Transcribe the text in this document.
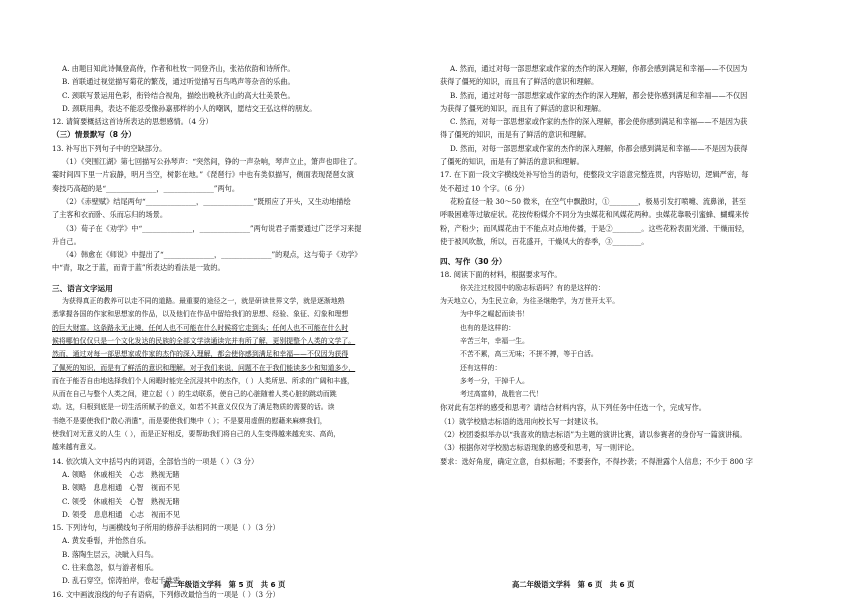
A. 由题目知此诗佩登高侍，作者和杜牧一同登齐山，张祜依韵和诗所作。
B. 首联通过视觉描写菊花的繁茂，通过听觉描写百鸟鸣声等杂音的乐曲。
C. 颈联写景运用色彩，衔铃结合视角，描绘出晚秋齐山的高大壮美景色。
D. 颈联用典，表达不能忍受像孙嘉那样的小人的嘲讽，愿结交王弘这样的朋友。
12. 请简要概括这首诗所表达的思想感情。（4 分）
（三）情景默写（8 分）
13. 补写出下列句子中的空缺部分。
（1）《突围江湖》第七回描写公孙琴声：“突然间，铮的一声杂响，琴声立止，箫声也即住了。
霎时间四下里一片寂静，明月当空，树影在地。”《琵琶行》中也有类似描写，侧面表现琵琶女演
奏技巧高超的是“______________，______________”两句。
（2）《赤壁赋》结尾两句“______________，______________”既照应了开头，又生动地描绘
了主客和衣而卧、乐而忘归的场景。
（3）荀子在《劝学》中“______________，______________”两句说君子需要通过广泛学习来提
升自己。
（4）韩愈在《师说》中提出了“______________，______________”的观点，这与荀子《劝学》
中“青，取之于蓝，而青于蓝”所表达的看法是一致的。
三、语言文字运用
为获得真正的教养可以走不同的道路。最重要的途径之一，就是研读世界文学，就是逐渐地熟
悉掌握各国的作家和思想家的作品，以及他们在作品中留给我们的思想、经验、象征、幻象和理想
的巨大财富。这条路永无止境，任何人也不可能在什么时候将它走到头；任何人也不可能在什么时
候将哪怕仅仅只是一个文化发达的民族的全部文学读通读完并有所了解，更别提整个人类的文学了。
然而，通过对每一部思想家或作家的杰作的深入理解，都会使你感到满足和幸福——不仅因为获得
了佩死的知识，而是有了鲜活的意识和理解。对于我们来说，问题不在于我们能读多少和知道多少，
而在于能否自由地选择我们个人闲暇时能完全沉浸其中的杰作，（ ）人类所思、所求的广阔和丰盛，
从而在自己与整个人类之间，建立起（ ）的生动联系，使自己的心脏随着人类心脏的跳动而跳
动。这，归根到底是一切生活所赋予的意义，如若不其意义仅仅为了满足物质的需要的话。读
书绝不是要使我们“散心消遣”，而是要使我们集中（ ）；不是要用虚假的慰藉来麻痹我们，
使我们对无意义的人生（ ），而是正好相反，要帮助我们将自己的人生变得越来越充实、高尚，
越来越有意义。
14. 依次填入文中括号内的词语，全部恰当的一项是（ ）（3 分）
A. 领略　休戚相关　心志　熟视无睹
B. 领略　息息相通　心智　视而不见
C. 领受　休戚相关　心智　熟视无睹
D. 领受　息息相通　心志　视而不见
15. 下列诗句，与画横线句子所用的修辞手法相同的一项是（ ）（3 分）
A. 黄发垂髫，并怡然自乐。
B. 落陶生层云，决眦入归鸟。
C. 往来翕忽，似与游者相乐。
D. 乱石穿空，惊涛拍岸，卷起千堆雪。
16. 文中画波浪线的句子有语病，下列修改最恰当的一项是（ ）（3 分）
A. 然而，通过对每一部思想家或作家的杰作的深入理解，你都会感到满足和幸福——不仅因为
获得了僵死的知识，而且有了鲜活的意识和理解。
B. 然而，通过对每一部思想家或作家的杰作的深入理解，都会使你感到满足和幸福——不仅因
为获得了僵死的知识，而且有了鲜活的意识和理解。
C. 然而，对每一部思想家或作家的杰作的深入理解，都会使你感到满足和幸福——不是因为获
得了僵死的知识，而是有了鲜活的意识和理解。
D. 然而，对每一部思想家或作家的杰作的深入理解，你都会感到满足和幸福——不是因为获得
了僵死的知识，而是有了鲜活的意识和理解。
17. 在下面一段文字横线处补写恰当的语句，使整段文字语意完整连贯，内容贴切，逻辑严密，每
处不超过 10 个字。（6 分）
花粉直径一般 30～50 微米，在空气中飘散时，①________，极易引发打喷嚏、流鼻涕，甚至
呼吸困难等过敏症状。花按传粉媒介不同分为虫媒花和风媒花两种。虫媒花靠吸引蜜蜂、蝴蝶来传
粉，产粉少；而风媒花由于不能点对点地传播，于是②________。这些花粉表面光滑、干燥而轻，
使于被风吹散，所以，百花盛开，干燥风大的春季，③________。
四、写作（30 分）
18. 阅读下面的材料，根据要求写作。
你关注过校园中的励志标语吗？有的是这样的：
为天地立心，为生民立命，为往圣继绝学，为万世开太平。
为中华之崛起而读书！
也有的是这样的：
辛苦三年，幸福一生。
不苦不累，高三无味；不拼不搏，等于白活。
还有这样的：
多考一分，干掉千人。
考过高富帅，战胜官二代！
你对此有怎样的感受和思考？请结合材料内容，从下列任务中任选一个，完成写作。
（1）就学校励志标语的选用向校长写一封建议书。
（2）校团委拟举办以“我喜欢的励志标语”为主题的演讲比赛，请以参赛者的身份写一篇演讲稿。
（3）根据你对学校励志标语现象的感受和思考，写一则评论。
要求：选好角度，确定立意，自拟标题；不要套作，不得抄袭；不得泄露个人信息；不少于 800 字
高二年级语文学科　第 5 页　共 6 页	高二年级语文学科　第 6 页　共 6 页
